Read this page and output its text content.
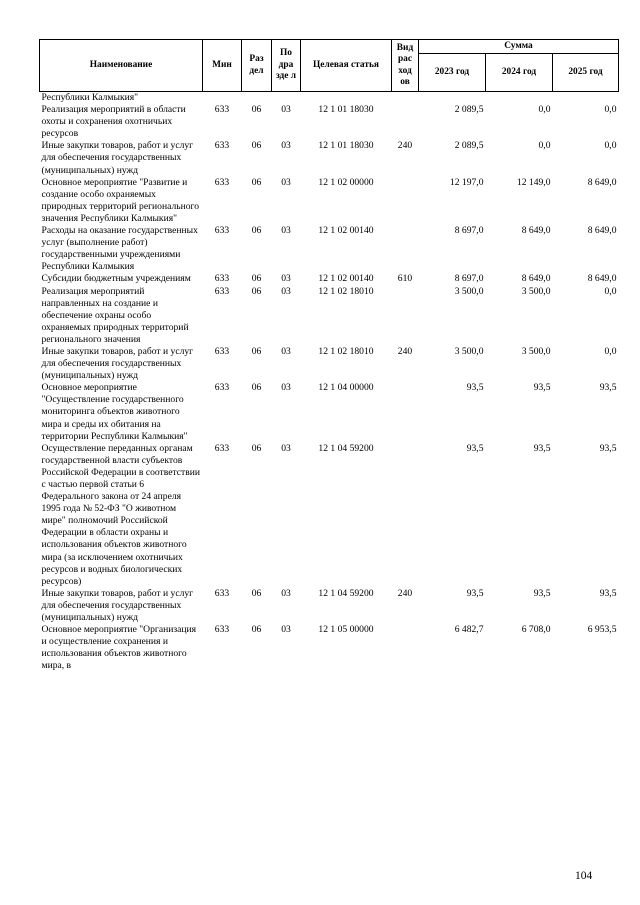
Наименование	Мин	Раз дел	По дра зде л	Целевая статья	Вид рас ход ов	Сумма		
						2023 год	2024 год	2025 год
Республики Калмыкия"								
Реализация мероприятий в области охоты и сохранения охотничьих ресурсов	633	06	03	12 1 01 18030		2 089,5	0,0	0,0
Иные закупки товаров, работ и услуг для обеспечения государственных (муниципальных) нужд	633	06	03	12 1 01 18030	240	2 089,5	0,0	0,0
Основное мероприятие "Развитие и создание особо охраняемых природных территорий регионального значения Республики Калмыкия"	633	06	03	12 1 02 00000		12 197,0	12 149,0	8 649,0
Расходы на оказание государственных услуг (выполнение работ) государственными учреждениями Республики Калмыкия	633	06	03	12 1 02 00140		8 697,0	8 649,0	8 649,0
Субсидии бюджетным учреждениям	633	06	03	12 1 02 00140	610	8 697,0	8 649,0	8 649,0
Реализация мероприятий направленных на создание и обеспечение охраны особо охраняемых природных территорий регионального значения	633	06	03	12 1 02 18010		3 500,0	3 500,0	0,0
Иные закупки товаров, работ и услуг для обеспечения государственных (муниципальных) нужд	633	06	03	12 1 02 18010	240	3 500,0	3 500,0	0,0
Основное мероприятие "Осуществление государственного мониторинга объектов животного мира и среды их обитания на территории Республики Калмыкия"	633	06	03	12 1 04 00000		93,5	93,5	93,5
Осуществление переданных органам государственной власти субъектов Российской Федерации в соответствии с частью первой статьи 6 Федерального закона от 24 апреля 1995 года № 52-ФЗ "О животном мире" полномочий Российской Федерации в области охраны и использования объектов животного мира (за исключением охотничьих ресурсов и водных биологических ресурсов)	633	06	03	12 1 04 59200		93,5	93,5	93,5
Иные закупки товаров, работ и услуг для обеспечения государственных (муниципальных) нужд	633	06	03	12 1 04 59200	240	93,5	93,5	93,5
Основное мероприятие "Организация и осуществление сохранения и использования объектов животного мира, в	633	06	03	12 1 05 00000		6 482,7	6 708,0	6 953,5
104
